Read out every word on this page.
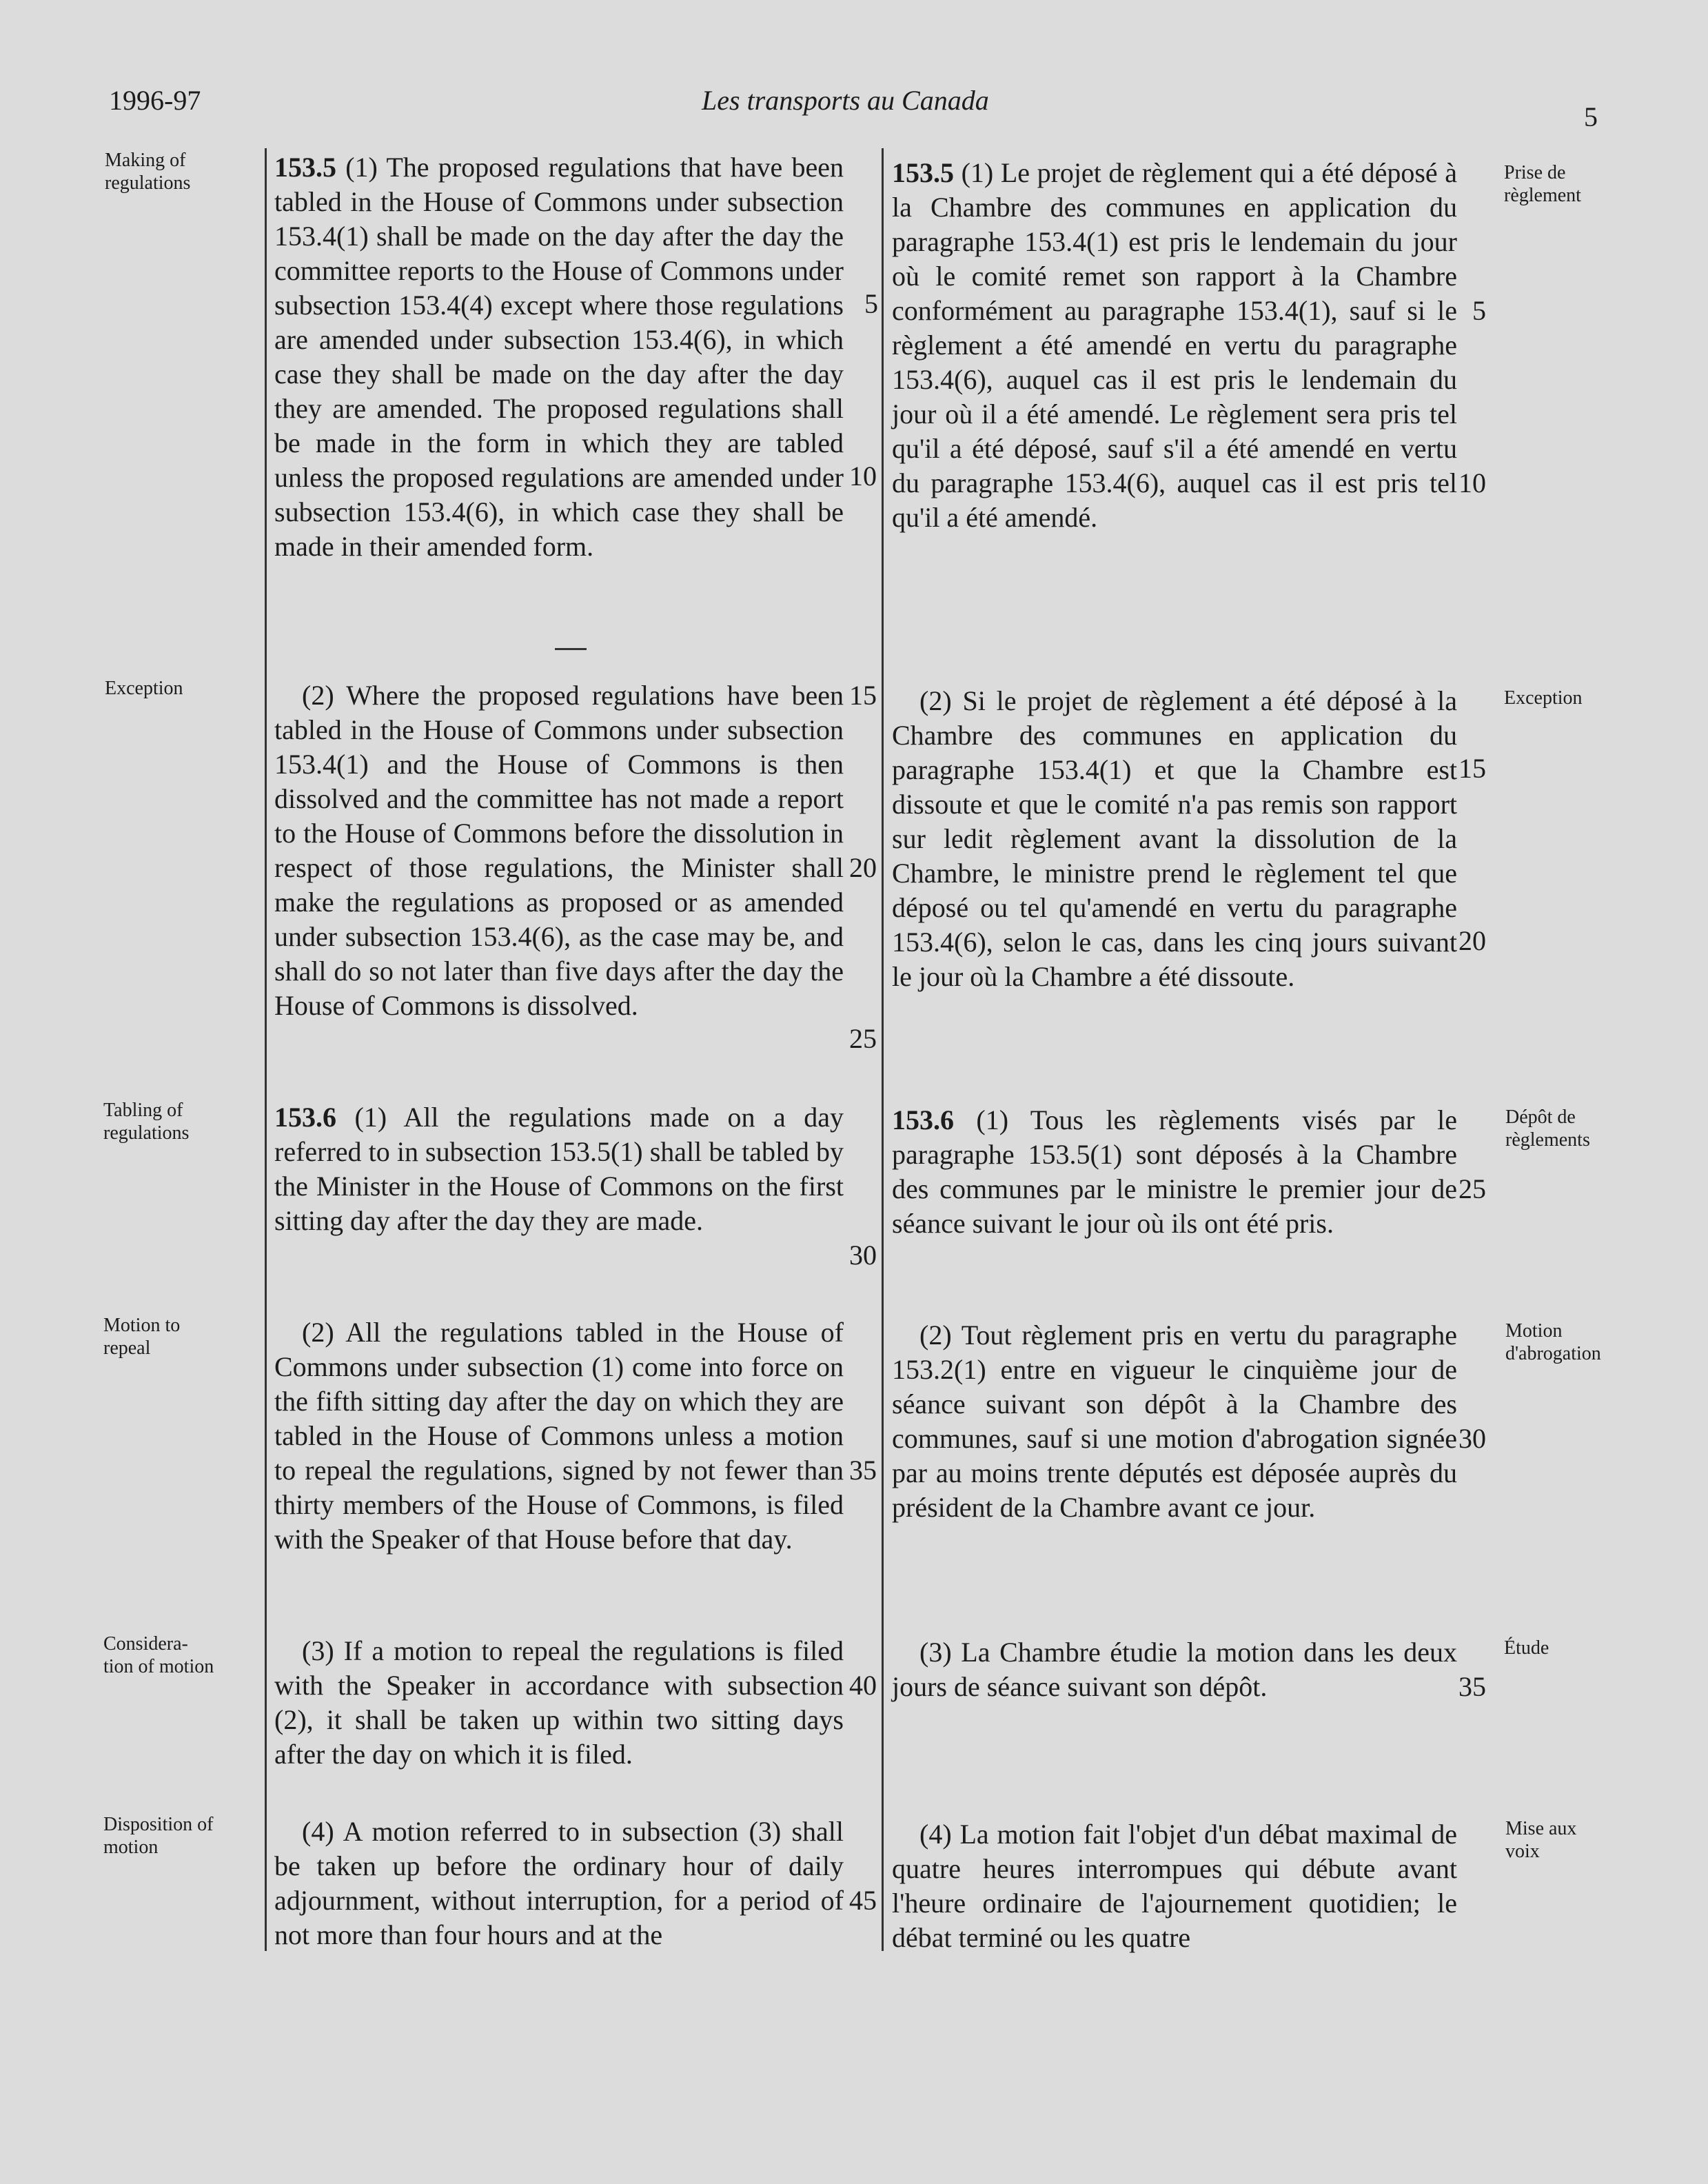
1996-97	Les transports au Canada
5
Making of
regulations
Exception
Tabling of
regulations
Motion to
repeal
Considera-
tion of motion
Disposition of
motion
Prise de
règlement
Exception
Dépôt de
règlements
Motion
d'abrogation
Étude
Mise aux
voix
153.5 (1) The proposed regulations that have been tabled in the House of Commons under subsection 153.4(1) shall be made on the day after the day the committee reports to the House of Commons under subsection 153.4(4) except where those regulations are amended under subsection 153.4(6), in which case they shall be made on the day after the day they are amended. The proposed regulations shall be made in the form in which they are tabled unless the proposed regulations are amended under subsection 153.4(6), in which case they shall be made in their amended form.
(2) Where the proposed regulations have been tabled in the House of Commons under subsection 153.4(1) and the House of Commons is then dissolved and the committee has not made a report to the House of Commons before the dissolution in respect of those regulations, the Minister shall make the regulations as proposed or as amended under subsection 153.4(6), as the case may be, and shall do so not later than five days after the day the House of Commons is dissolved.
153.6 (1) All the regulations made on a day referred to in subsection 153.5(1) shall be tabled by the Minister in the House of Commons on the first sitting day after the day they are made.
(2) All the regulations tabled in the House of Commons under subsection (1) come into force on the fifth sitting day after the day on which they are tabled in the House of Commons unless a motion to repeal the regulations, signed by not fewer than thirty members of the House of Commons, is filed with the Speaker of that House before that day.
(3) If a motion to repeal the regulations is filed with the Speaker in accordance with subsection (2), it shall be taken up within two sitting days after the day on which it is filed.
(4) A motion referred to in subsection (3) shall be taken up before the ordinary hour of daily adjournment, without interruption, for a period of not more than four hours and at the
5
10
15
20
25
30
35
40
45
153.5 (1) Le projet de règlement qui a été déposé à la Chambre des communes en application du paragraphe 153.4(1) est pris le lendemain du jour où le comité remet son rapport à la Chambre conformément au paragraphe 153.4(1), sauf si le règlement a été amendé en vertu du paragraphe 153.4(6), auquel cas il est pris le lendemain du jour où il a été amendé. Le règlement sera pris tel qu'il a été déposé, sauf s'il a été amendé en vertu du paragraphe 153.4(6), auquel cas il est pris tel qu'il a été amendé.
(2) Si le projet de règlement a été déposé à la Chambre des communes en application du paragraphe 153.4(1) et que la Chambre est dissoute et que le comité n'a pas remis son rapport sur ledit règlement avant la dissolution de la Chambre, le ministre prend le règlement tel que déposé ou tel qu'amendé en vertu du paragraphe 153.4(6), selon le cas, dans les cinq jours suivant le jour où la Chambre a été dissoute.
153.6 (1) Tous les règlements visés par le paragraphe 153.5(1) sont déposés à la Chambre des communes par le ministre le premier jour de séance suivant le jour où ils ont été pris.
(2) Tout règlement pris en vertu du paragraphe 153.2(1) entre en vigueur le cinquième jour de séance suivant son dépôt à la Chambre des communes, sauf si une motion d'abrogation signée par au moins trente députés est déposée auprès du président de la Chambre avant ce jour.
(3) La Chambre étudie la motion dans les deux jours de séance suivant son dépôt.
(4) La motion fait l'objet d'un débat maximal de quatre heures interrompues qui débute avant l'heure ordinaire de l'ajournement quotidien; le débat terminé ou les quatre
5
10
15
20
25
30
35
